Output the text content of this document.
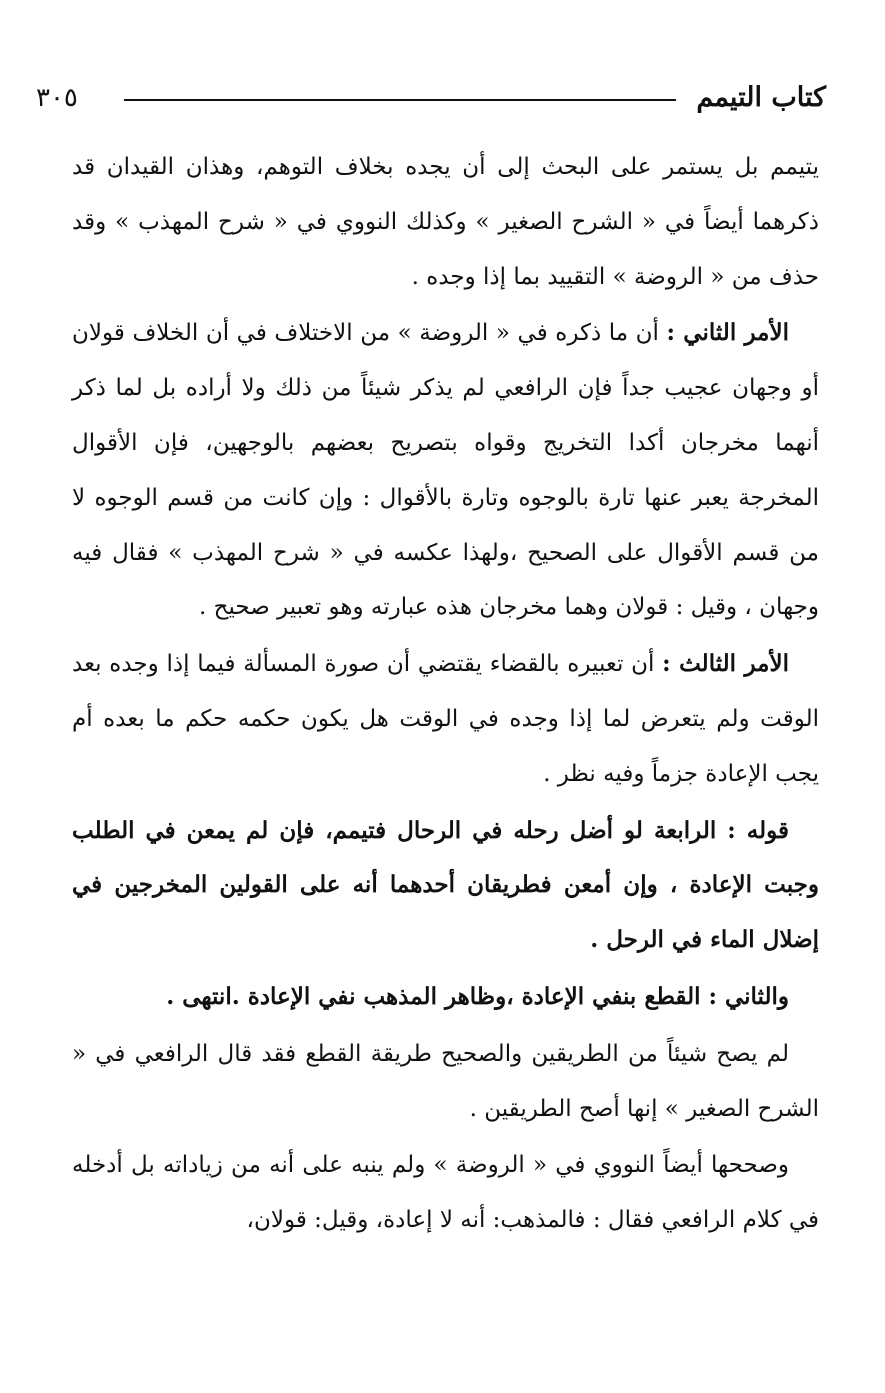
كتاب التيمم
٣٠٥

يتيمم بل يستمر على البحث إلى أن يجده بخلاف التوهم، وهذان القيدان قد ذكرهما أيضاً في « الشرح الصغير » وكذلك النووي في « شرح المهذب » وقد حذف من « الروضة » التقييد بما إذا وجده .

الأمر الثاني : أن ما ذكره في « الروضة » من الاختلاف في أن الخلاف قولان أو وجهان عجيب جداً فإن الرافعي لم يذكر شيئاً من ذلك ولا أراده بل لما ذكر أنهما مخرجان أكدا التخريج وقواه بتصريح بعضهم بالوجهين، فإن الأقوال المخرجة يعبر عنها تارة بالوجوه وتارة بالأقوال : وإن كانت من قسم الوجوه لا من قسم الأقوال على الصحيح ،ولهذا عكسه في « شرح المهذب » فقال فيه وجهان ، وقيل : قولان وهما مخرجان هذه عبارته وهو تعبير صحيح .

الأمر الثالث : أن تعبيره بالقضاء يقتضي أن صورة المسألة فيما إذا وجده بعد الوقت ولم يتعرض لما إذا وجده في الوقت هل يكون حكمه حكم ما بعده أم يجب الإعادة جزماً وفيه نظر .

قوله : الرابعة لو أضل رحله في الرحال فتيمم، فإن لم يمعن في الطلب وجبت الإعادة ، وإن أمعن فطريقان أحدهما أنه على القولين المخرجين في إضلال الماء في الرحل .

والثاني : القطع بنفي الإعادة ،وظاهر المذهب نفي الإعادة .انتهى .

لم يصح شيئاً من الطريقين والصحيح طريقة القطع فقد قال الرافعي في « الشرح الصغير » إنها أصح الطريقين .

وصححها أيضاً النووي في « الروضة » ولم ينبه على أنه من زياداته بل أدخله في كلام الرافعي فقال : فالمذهب: أنه لا إعادة، وقيل: قولان،
